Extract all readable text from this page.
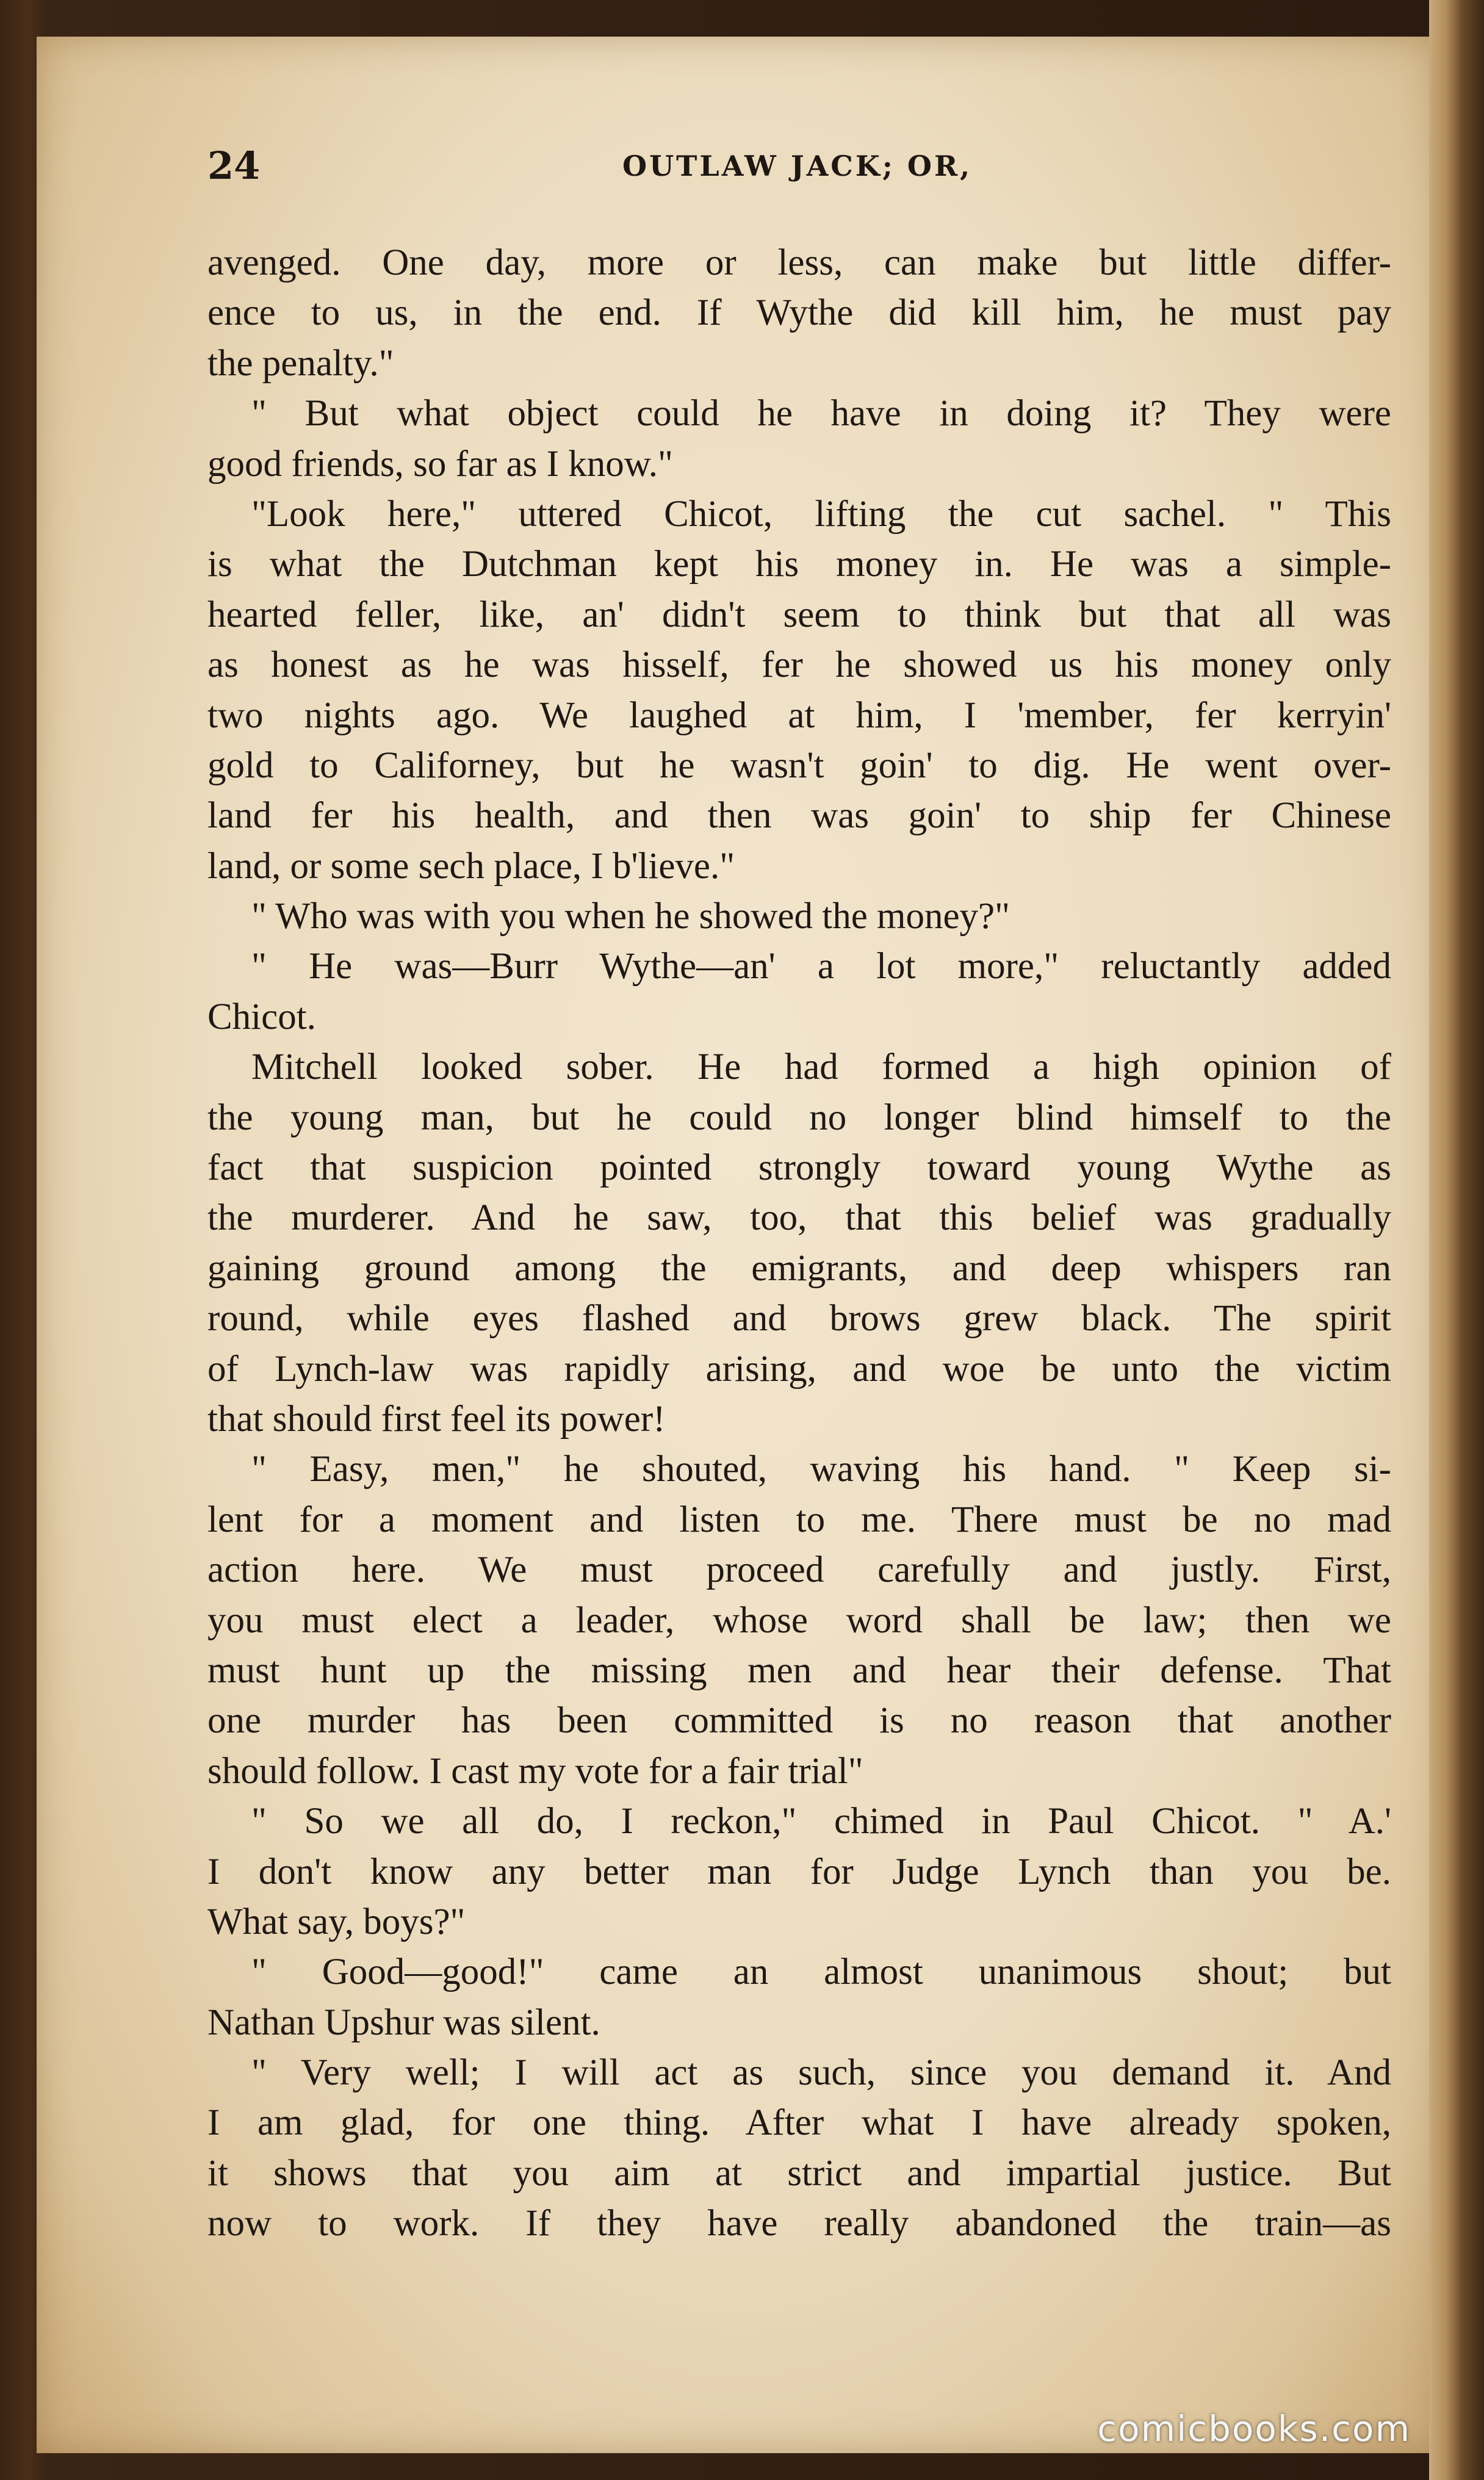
24	OUTLAW JACK; OR,
avenged. One day, more or less, can make but little differ-
ence to us, in the end. If Wythe did kill him, he must pay
the penalty."
" But what object could he have in doing it? They were
good friends, so far as I know."
"Look here," uttered Chicot, lifting the cut sachel. " This
is what the Dutchman kept his money in. He was a simple-
hearted feller, like, an' didn't seem to think but that all was
as honest as he was hisself, fer he showed us his money only
two nights ago. We laughed at him, I 'member, fer kerryin'
gold to Californey, but he wasn't goin' to dig. He went over-
land fer his health, and then was goin' to ship fer Chinese
land, or some sech place, I b'lieve."
" Who was with you when he showed the money?"
" He was—Burr Wythe—an' a lot more," reluctantly added
Chicot.
Mitchell looked sober. He had formed a high opinion of
the young man, but he could no longer blind himself to the
fact that suspicion pointed strongly toward young Wythe as
the murderer. And he saw, too, that this belief was gradually
gaining ground among the emigrants, and deep whispers ran
round, while eyes flashed and brows grew black. The spirit
of Lynch-law was rapidly arising, and woe be unto the victim
that should first feel its power!
" Easy, men," he shouted, waving his hand. " Keep si-
lent for a moment and listen to me. There must be no mad
action here. We must proceed carefully and justly. First,
you must elect a leader, whose word shall be law; then we
must hunt up the missing men and hear their defense. That
one murder has been committed is no reason that another
should follow. I cast my vote for a fair trial"
" So we all do, I reckon," chimed in Paul Chicot. " A.'
I don't know any better man for Judge Lynch than you be.
What say, boys?"
" Good—good!" came an almost unanimous shout; but
Nathan Upshur was silent.
" Very well; I will act as such, since you demand it. And
I am glad, for one thing. After what I have already spoken,
it shows that you aim at strict and impartial justice. But
now to work. If they have really abandoned the train—as
comicbooks.com
